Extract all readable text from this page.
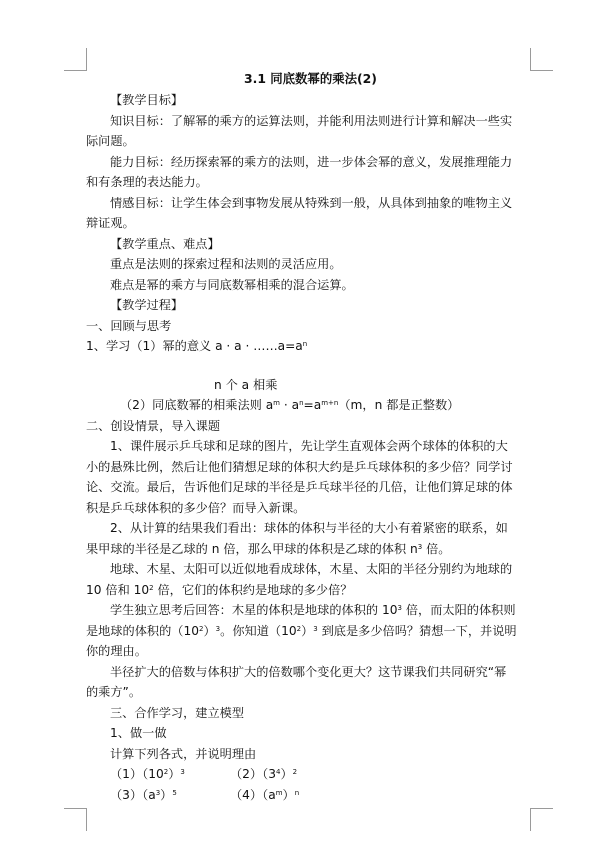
3.1 同底数幂的乘法(2)
【教学目标】
知识目标：了解幂的乘方的运算法则，并能利用法则进行计算和解决一些实
际问题。
能力目标：经历探索幂的乘方的法则，进一步体会幂的意义，发展推理能力
和有条理的表达能力。
情感目标：让学生体会到事物发展从特殊到一般，从具体到抽象的唯物主义
辩证观。
【教学重点、难点】
重点是法则的探索过程和法则的灵活应用。
难点是幂的乘方与同底数幂相乘的混合运算。
【教学过程】
一、回顾与思考
1、学习（1）幂的意义 $a \cdot a \cdot \dots\dots a=a^n$
n 个 a 相乘
（2）同底数幂的相乘法则 $a^m \cdot a^n=a^{m+n}(m$，n 都是正整数）
二、创设情景，导入课题
1、课件展示乒乓球和足球的图片，先让学生直观体会两个球体的体积的大
小的悬殊比例，然后让他们猜想足球的体积大约是乒乓球体积的多少倍？同学讨
论、交流。最后，告诉他们足球的半径是乒乓球半径的几倍，让他们算足球的体
积是乒乓球体积的多少倍？而导入新课。
2、从计算的结果我们看出：球体的体积与半径的大小有着紧密的联系，如
果甲球的半径是乙球的 n 倍，那么甲球的体积是乙球的体积 $n^3$ 倍。
地球、木星、太阳可以近似地看成球体，木星、太阳的半径分别约为地球的
10 倍和 $10^2$ 倍，它们的体积约是地球的多少倍？
学生独立思考后回答：木星的体积是地球的体积的 $10^3$ 倍，而太阳的体积则
是地球的体积的$(10^2)^3$。你知道$(10^2)^3$ 到底是多少倍吗？猜想一下，并说明
你的理由。
半径扩大的倍数与体积扩大的倍数哪个变化更大？这节课我们共同研究“幂
的乘方”。
三、合作学习，建立模型
1、做一做
计算下列各式，并说明理由
$(1)(10^2)^3$	$(2)(3^4)^2$
$(3)(a^3)^5$	$(4)(a^m)^n$
